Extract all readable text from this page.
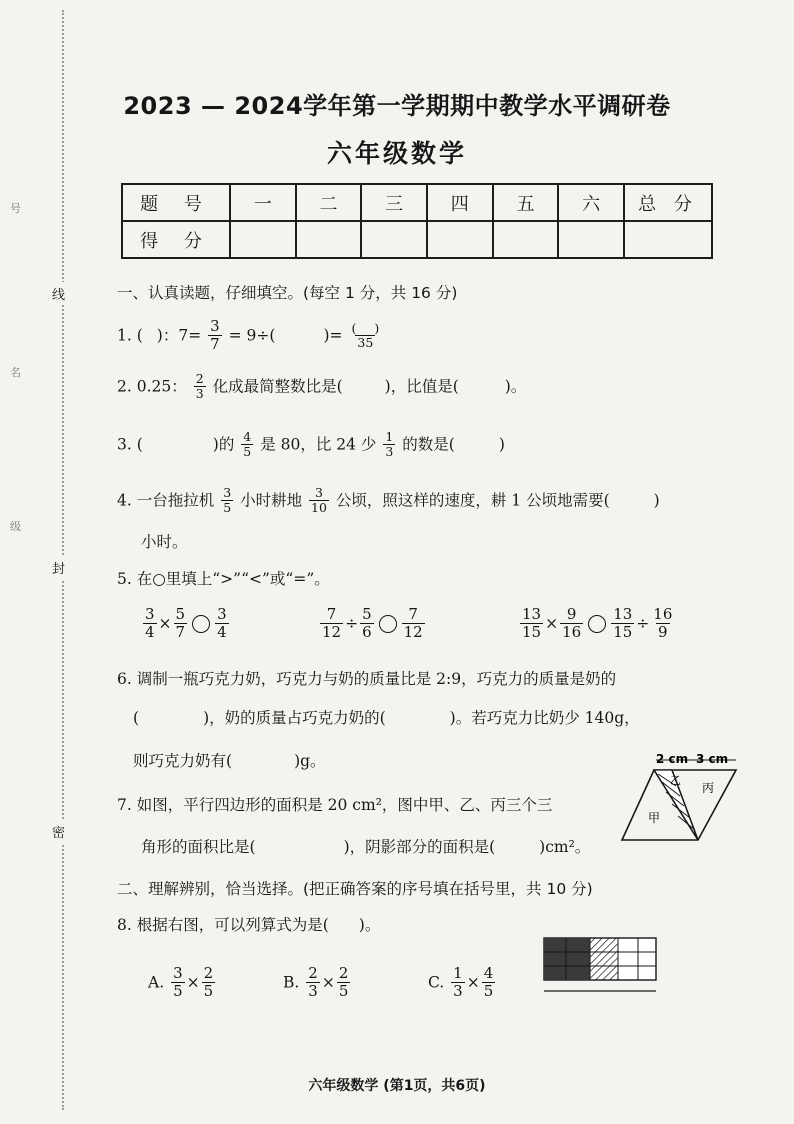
线
封
密
号
名
级
2023 — 2024学年第一学期期中教学水平调研卷
六年级数学
题 号	一	二	三	四	五	六	总 分
得 分							
一、认真读题，仔细填空。(每空 1 分，共 16 分)
1. ( )：$7= \frac{3}{7} = 9\div$(	)= $\frac{( )}{35}$
2. 0.25： $\frac{2}{3}$ 化成最简整数比是(	)，比值是(	)。
3. (	)的 $\frac{4}{5}$ 是 80，比 24 少 $\frac{1}{3}$ 的数是(	)
4. 一台拖拉机 $\frac{3}{5}$ 小时耕地 $\frac{3}{10}$ 公顷，照这样的速度，耕 1 公顷地需要(	)
小时。
5. 在○里填上“>”“<”或“=”。
$\frac{3}{4} \times \frac{5}{7} \frac{3}{4}$	$\frac{7}{12} \div \frac{5}{6} \frac{7}{12}$	$\frac{13}{15} \times \frac{9}{16} \frac{13}{15} \div \frac{16}{9}$
6. 调制一瓶巧克力奶，巧克力与奶的质量比是 2:9，巧克力的质量是奶的
(	)，奶的质量占巧克力奶的(	)。若巧克力比奶少 140g，
则巧克力奶有(	)g。
7. 如图，平行四边形的面积是 20 cm²，图中甲、乙、丙三个三
角形的面积比是(	)，阴影部分的面积是(	)cm²。
2 cm 3 cm
甲
乙
丙
二、理解辨别，恰当选择。(把正确答案的序号填在括号里，共 10 分)
8. 根据右图，可以列算式为是( )。
A. $\frac{3}{5} \times \frac{2}{5}$	B. $\frac{2}{3} \times \frac{2}{5}$	C. $\frac{1}{3} \times \frac{4}{5}$
六年级数学 (第1页，共6页)
